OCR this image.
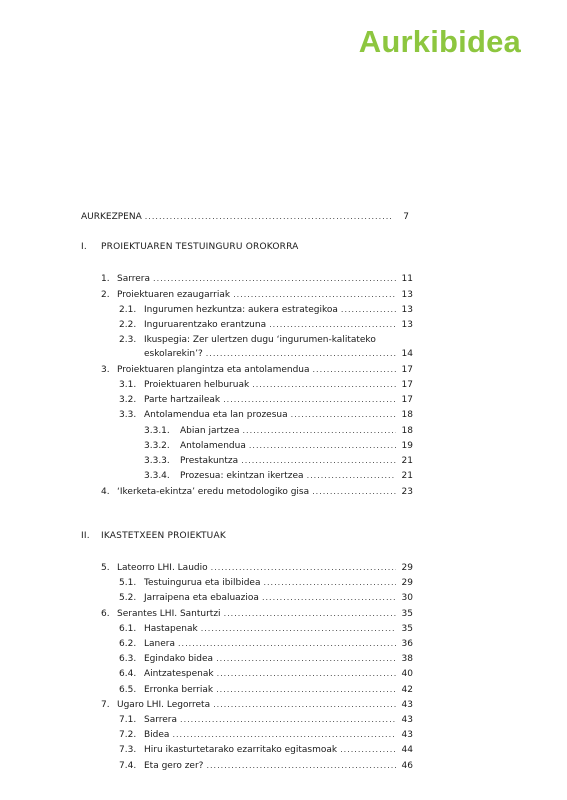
Aurkibidea
AURKEZPENA .....	7
I. PROIEKTUAREN TESTUINGURU OROKORRA
1. Sarrera .....	11
2. Proiektuaren ezaugarriak .....	13
2.1. Ingurumen hezkuntza: aukera estrategikoa .....	13
2.2. Inguruarentzako erantzuna .....	13
2.3. Ikuspegia: Zer ulertzen dugu ‘ingurumen-kalitateko
eskolarekin’? .....	14
3. Proiektuaren plangintza eta antolamendua .....	17
3.1. Proiektuaren helburuak .....	17
3.2. Parte hartzaileak .....	17
3.3. Antolamendua eta lan prozesua .....	18
3.3.1.	Abian jartzea .....	18
3.3.2.	Antolamendua .....	19
3.3.3.	Prestakuntza .....	21
3.3.4.	Prozesua: ekintzan ikertzea .....	21
4. ‘Ikerketa-ekintza’ eredu metodologiko gisa .....	23
II. IKASTETXEEN PROIEKTUAK
5. Lateorro LHI. Laudio .....	29
5.1. Testuingurua eta ibilbidea .....	29
5.2. Jarraipena eta ebaluazioa .....	30
6. Serantes LHI. Santurtzi .....	35
6.1. Hastapenak .....	35
6.2. Lanera .....	36
6.3. Egindako bidea .....	38
6.4. Aintzatespenak .....	40
6.5. Erronka berriak .....	42
7. Ugaro LHI. Legorreta .....	43
7.1. Sarrera .....	43
7.2. Bidea .....	43
7.3. Hiru ikasturtetarako ezarritako egitasmoak .....	44
7.4. Eta gero zer? .....	46
